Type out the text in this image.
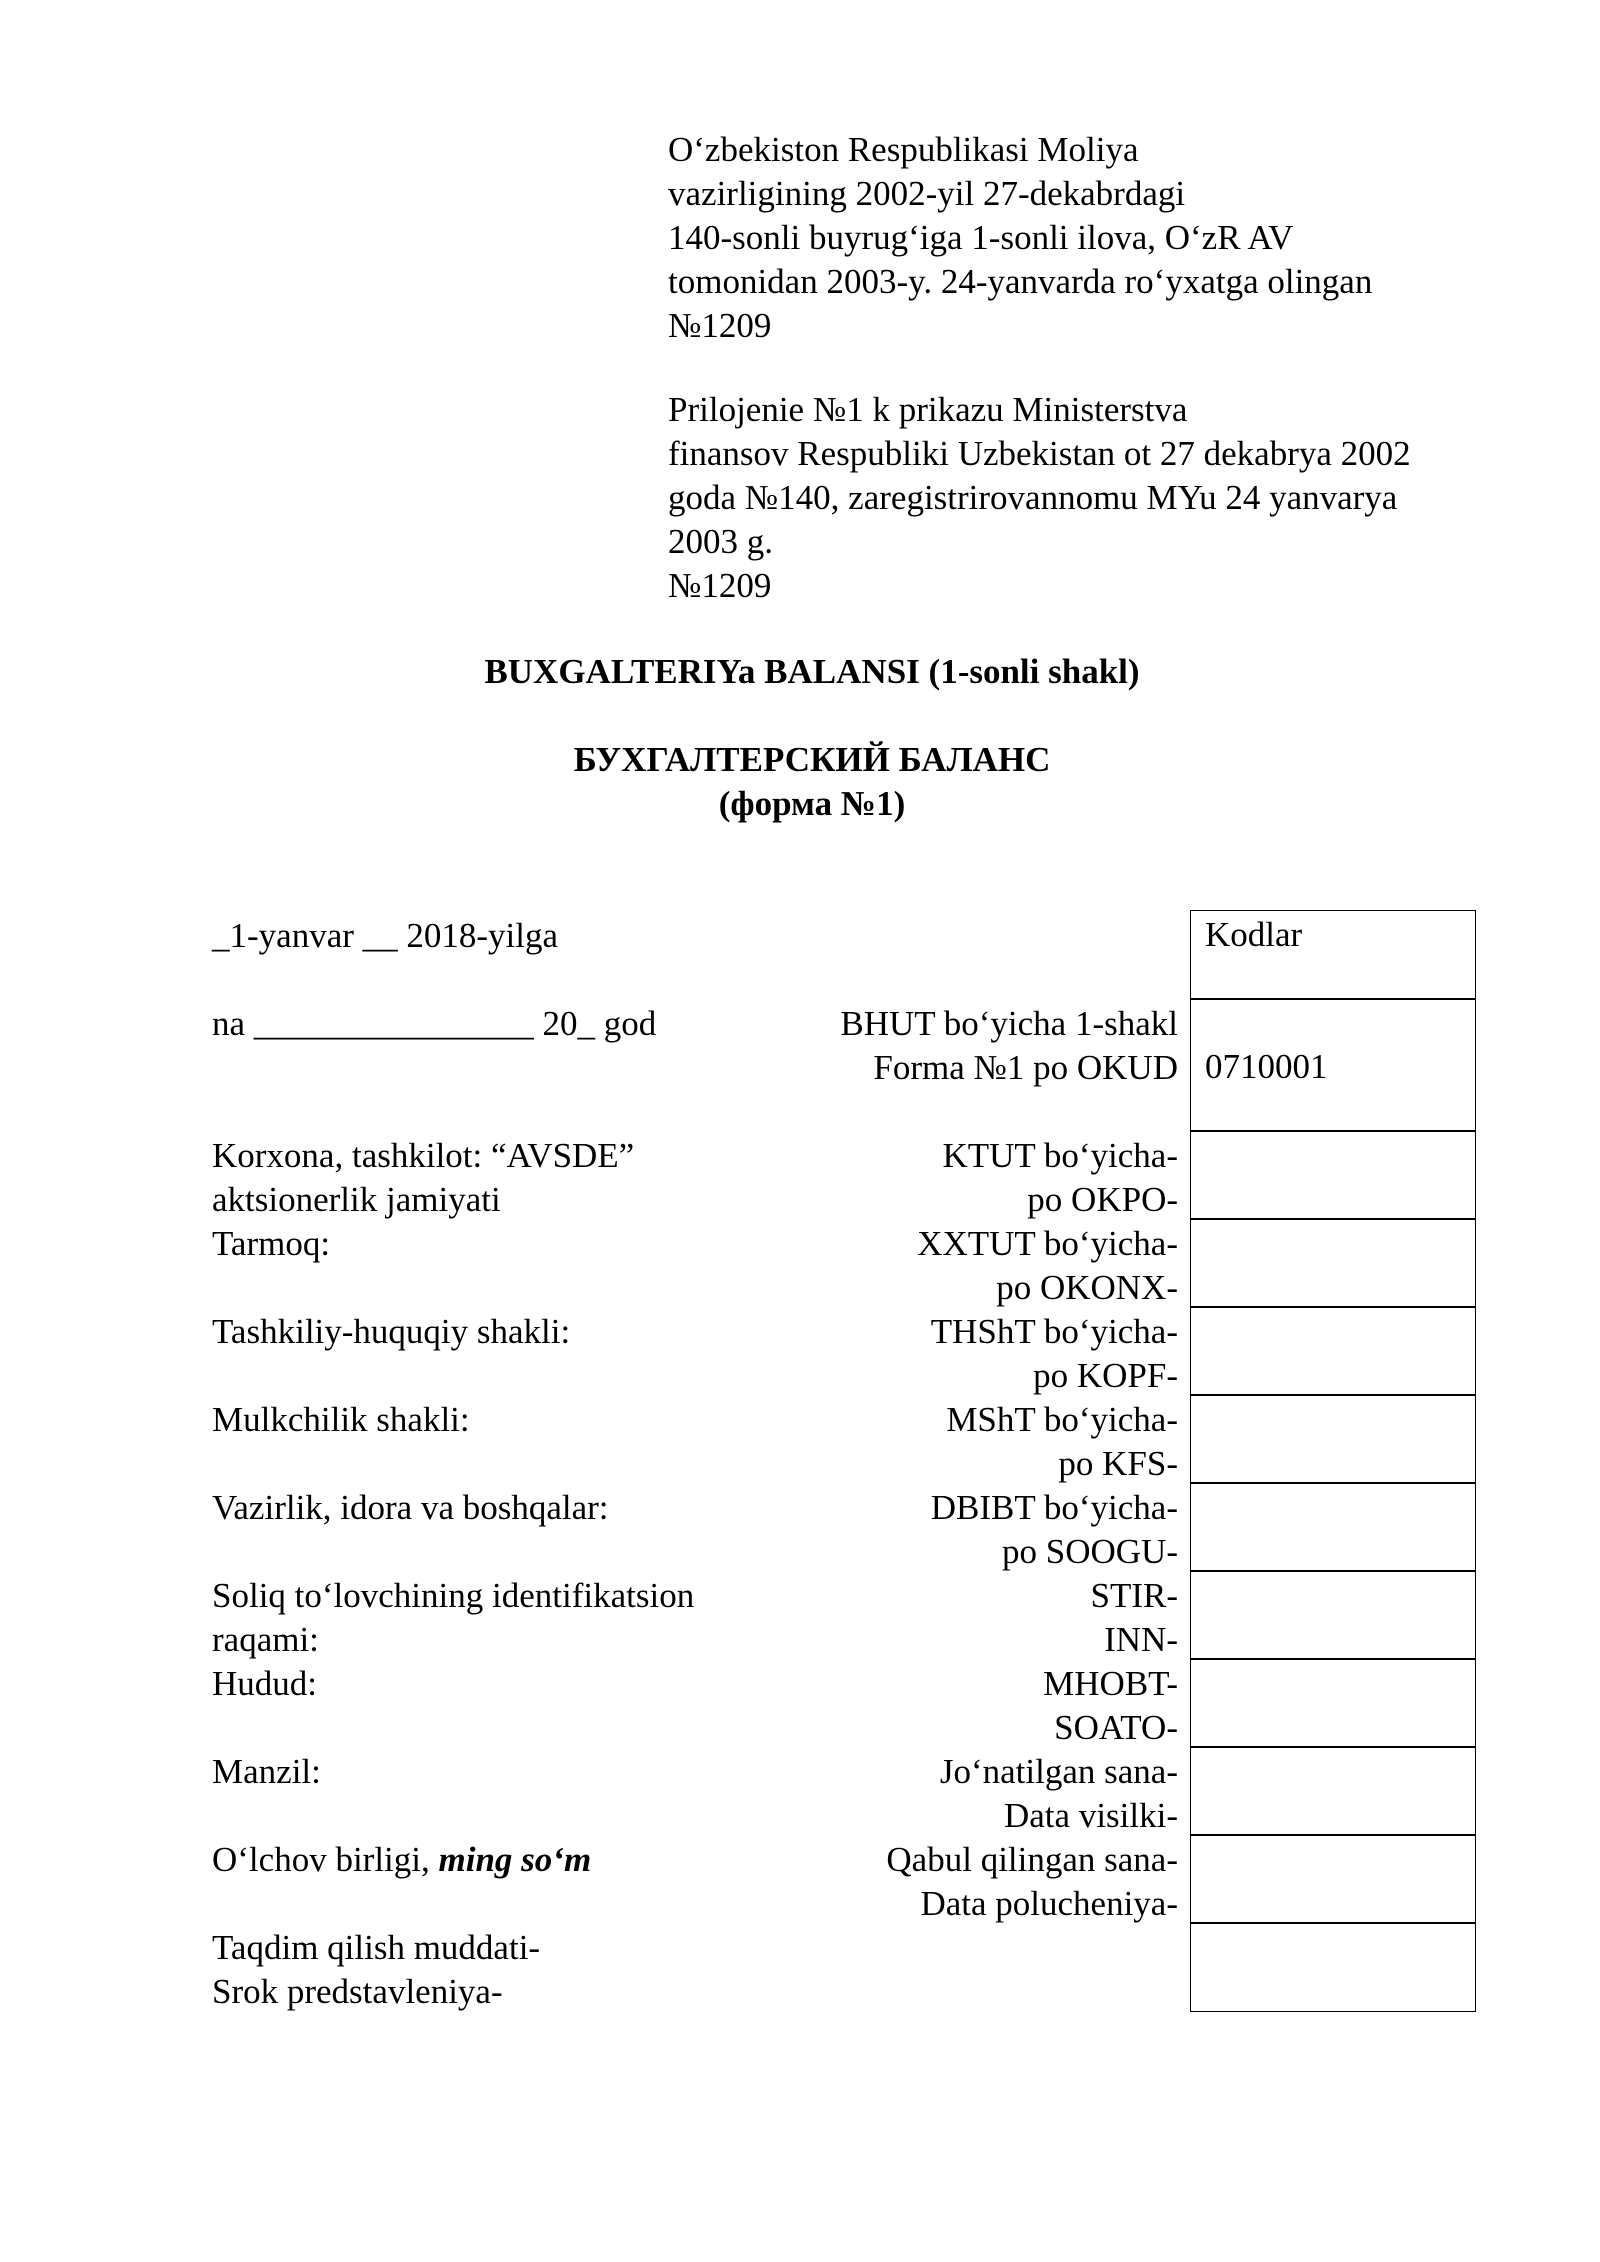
Oʻzbekiston Respublikasi Moliya
vazirligining 2002-yil 27-dekabrdagi
140-sonli buyrugʻiga 1-sonli ilova, OʻzR AV
tomonidan 2003-y. 24-yanvarda roʻyxatga olingan
№1209
Prilojenie №1 k prikazu Ministerstva
finansov Respubliki Uzbekistan ot 27 dekabrya 2002
goda №140, zaregistrirovannomu MYu 24 yanvarya
2003 g.
№1209
BUXGALTERIYa BALANSI (1-sonli shakl)
БУХГАЛТЕРСКИЙ БАЛАНС
(форма №1)
_1-yanvar __ 2018-yilga
na ________________ 20_ god	BHUT boʻyicha 1-shakl
Forma №1 po OKUD
Korxona, tashkilot: “AVSDE”
aktsionerlik jamiyati
Tarmoq:
Tashkiliy-huquqiy shakli:
Mulkchilik shakli:
Vazirlik, idora va boshqalar:
Soliq toʻlovchining identifikatsion
raqami:
Hudud:
Manzil:
Oʻlchov birligi, ming soʻm
Taqdim qilish muddati-
Srok predstavleniya-
KTUT boʻyicha-
po OKPO-
XXTUT boʻyicha-
po OKONX-
THShT boʻyicha-
po KOPF-
MShT boʻyicha-
po KFS-
DBIBT boʻyicha-
po SOOGU-
STIR-
INN-
MHOBT-
SOATO-
Joʻnatilgan sana-
Data visilki-
Qabul qilingan sana-
Data polucheniya-
Kodlar
0710001
